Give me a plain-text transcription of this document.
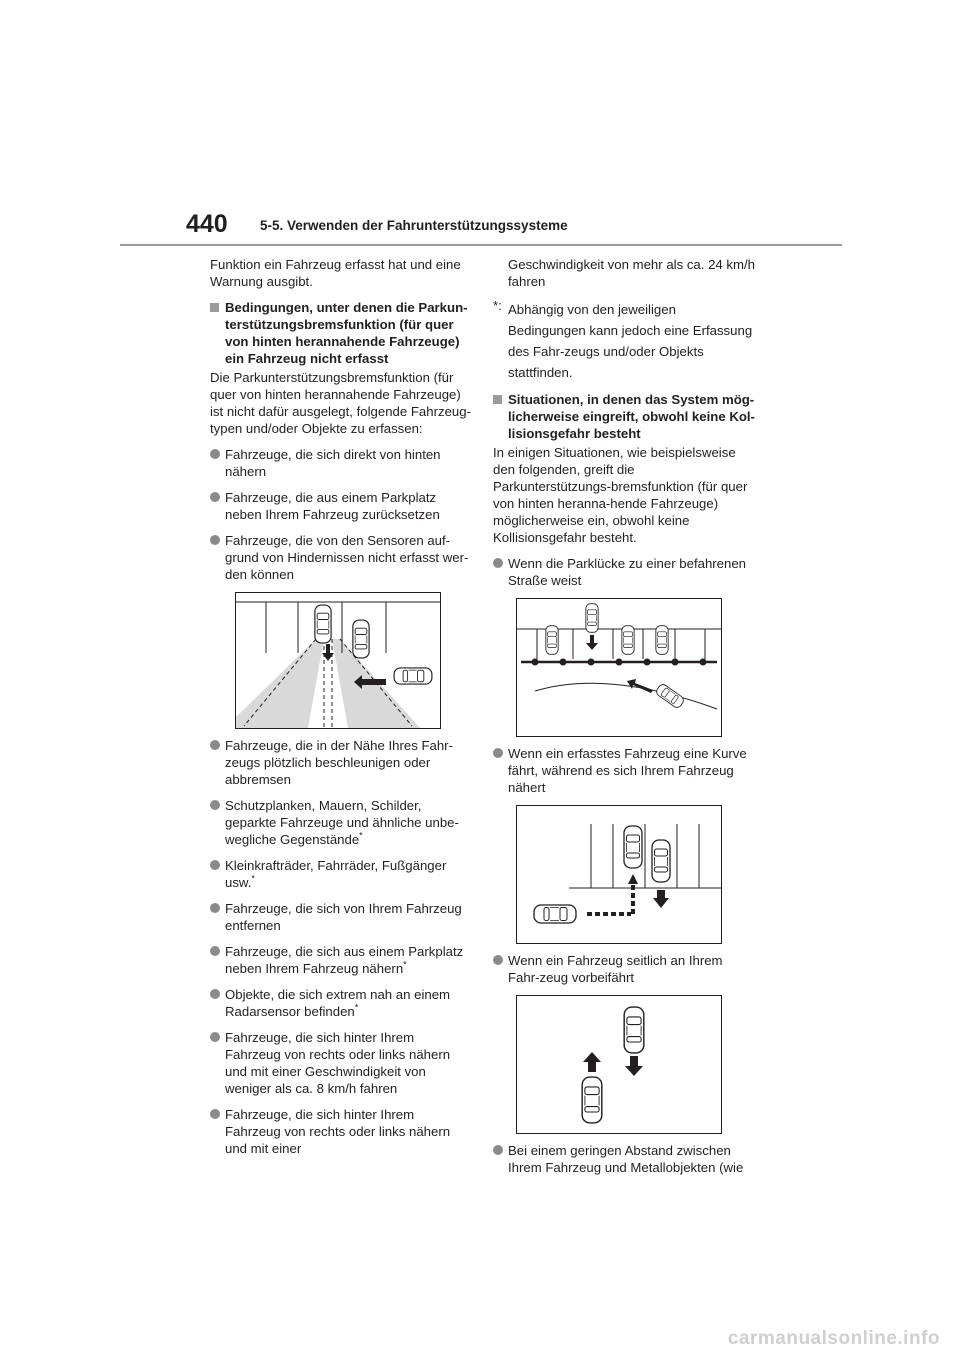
440 5-5. Verwenden der Fahrunterstützungssysteme

Funktion ein Fahrzeug erfasst hat und eine Warnung ausgibt.

Bedingungen, unter denen die Parkun-terstützungsbremsfunktion (für quer von hinten herannahende Fahrzeuge) ein Fahrzeug nicht erfasst

Die Parkunterstützungsbremsfunktion (für quer von hinten herannahende Fahrzeuge) ist nicht dafür ausgelegt, folgende Fahrzeug-typen und/oder Objekte zu erfassen:

Fahrzeuge, die sich direkt von hinten nähern
Fahrzeuge, die aus einem Parkplatz neben Ihrem Fahrzeug zurücksetzen
Fahrzeuge, die von den Sensoren auf-grund von Hindernissen nicht erfasst wer-den können
Fahrzeuge, die in der Nähe Ihres Fahr-zeugs plötzlich beschleunigen oder abbremsen
Schutzplanken, Mauern, Schilder, geparkte Fahrzeuge und ähnliche unbe-wegliche Gegenstände*
Kleinkrafträder, Fahrräder, Fußgänger usw.*
Fahrzeuge, die sich von Ihrem Fahrzeug entfernen
Fahrzeuge, die sich aus einem Parkplatz neben Ihrem Fahrzeug nähern*
Objekte, die sich extrem nah an einem Radarsensor befinden*
Fahrzeuge, die sich hinter Ihrem Fahrzeug von rechts oder links nähern und mit einer Geschwindigkeit von weniger als ca. 8 km/h fahren
Fahrzeuge, die sich hinter Ihrem Fahrzeug von rechts oder links nähern und mit einer

Geschwindigkeit von mehr als ca. 24 km/h fahren

*: Abhängig von den jeweiligen Bedingungen kann jedoch eine Erfassung des Fahr-zeugs und/oder Objekts stattfinden.
Situationen, in denen das System mög-licherweise eingreift, obwohl keine Kol-lisionsgefahr besteht

In einigen Situationen, wie beispielsweise den folgenden, greift die Parkunterstützungs-bremsfunktion (für quer von hinten heranna-hende Fahrzeuge) möglicherweise ein, obwohl keine Kollisionsgefahr besteht.

Wenn die Parklücke zu einer befahrenen Straße weist
Wenn ein erfasstes Fahrzeug eine Kurve fährt, während es sich Ihrem Fahrzeug nähert
Wenn ein Fahrzeug seitlich an Ihrem Fahr-zeug vorbeifährt
Bei einem geringen Abstand zwischen Ihrem Fahrzeug und Metallobjekten (wie
carmanualsonline.info
